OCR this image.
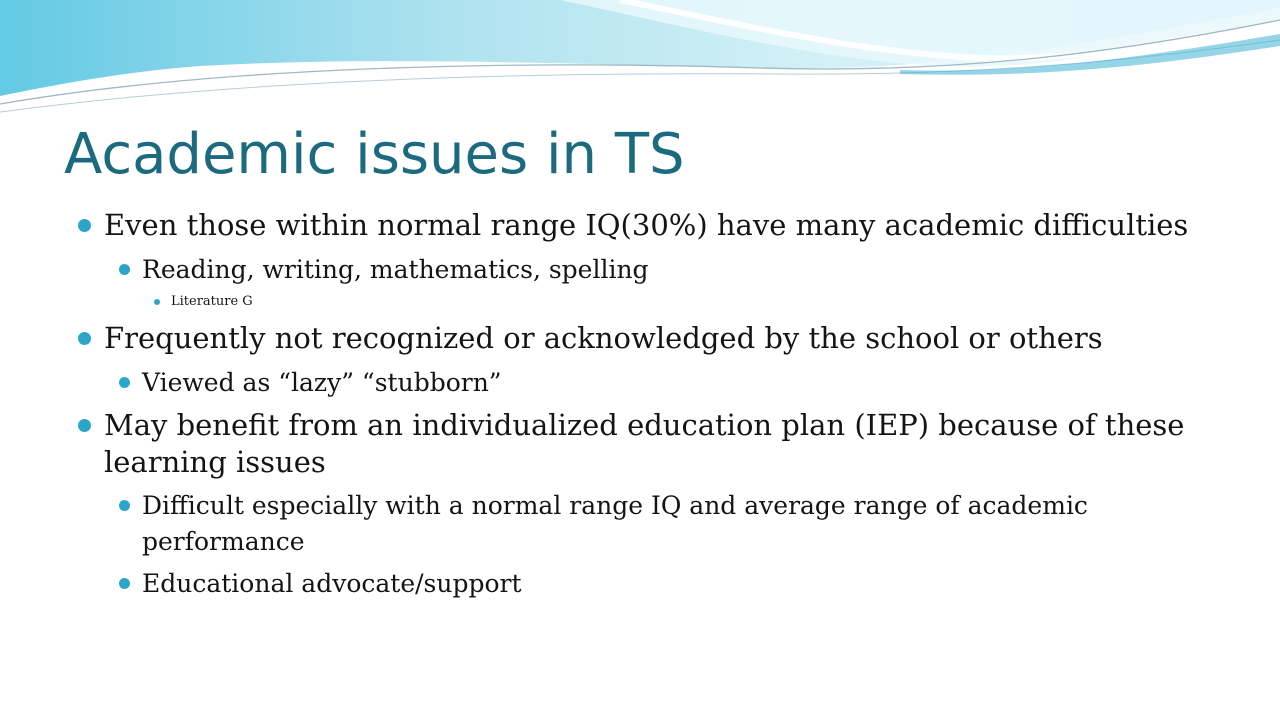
Academic issues in TS
Even those within normal range IQ(30%) have many academic difficulties
Reading, writing, mathematics, spelling
Literature G
Frequently not recognized or acknowledged by the school or others
Viewed as “lazy” “stubborn”
May benefit from an individualized education plan (IEP) because of these learning issues
Difficult especially with a normal range IQ and average range of academic performance
Educational advocate/support
